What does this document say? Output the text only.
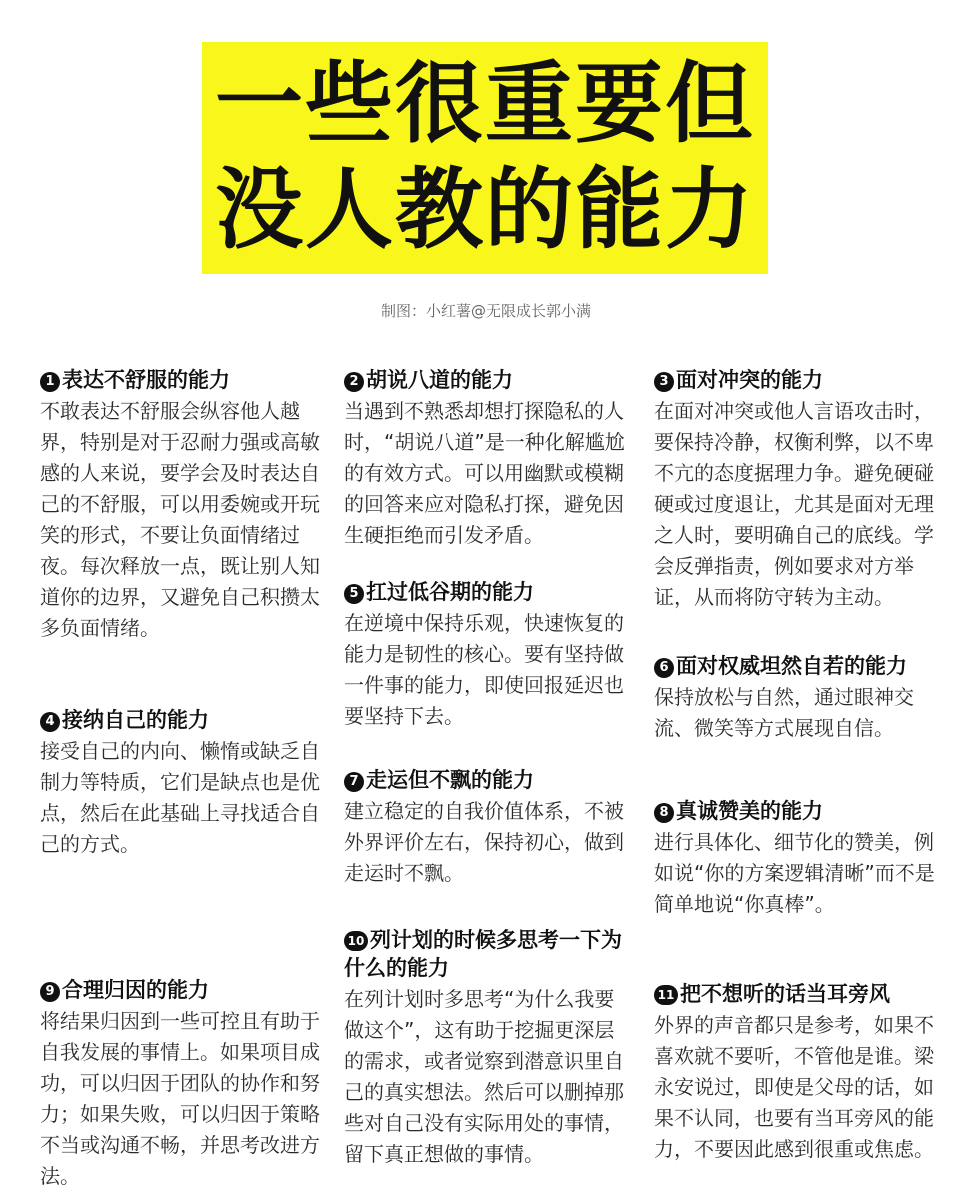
一些很重要但
没人教的能力
制图：小红薯@无限成长郭小满
1 表达不舒服的能力

不敢表达不舒服会纵容他人越界，特别是对于忍耐力强或高敏感的人来说，要学会及时表达自己的不舒服，可以用委婉或开玩笑的形式，不要让负面情绪过夜。每次释放一点，既让别人知道你的边界，又避免自己积攒太多负面情绪。

2 胡说八道的能力

当遇到不熟悉却想打探隐私的人时，“胡说八道”是一种化解尴尬的有效方式。可以用幽默或模糊的回答来应对隐私打探，避免因生硬拒绝而引发矛盾。

3 面对冲突的能力

在面对冲突或他人言语攻击时，要保持冷静，权衡利弊，以不卑不亢的态度据理力争。避免硬碰硬或过度退让，尤其是面对无理之人时，要明确自己的底线。学会反弹指责，例如要求对方举证，从而将防守转为主动。

4 接纳自己的能力

接受自己的内向、懒惰或缺乏自制力等特质，它们是缺点也是优点，然后在此基础上寻找适合自己的方式。

5 扛过低谷期的能力

在逆境中保持乐观，快速恢复的能力是韧性的核心。要有坚持做一件事的能力，即使回报延迟也要坚持下去。

6 面对权威坦然自若的能力

保持放松与自然，通过眼神交流、微笑等方式展现自信。

7 走运但不飘的能力

建立稳定的自我价值体系，不被外界评价左右，保持初心，做到走运时不飘。

8 真诚赞美的能力

进行具体化、细节化的赞美，例如说“你的方案逻辑清晰”而不是简单地说“你真棒”。

9 合理归因的能力

将结果归因到一些可控且有助于自我发展的事情上。如果项目成功，可以归因于团队的协作和努力；如果失败，可以归因于策略不当或沟通不畅，并思考改进方法。

10 列计划的时候多思考一下为什么的能力

在列计划时多思考“为什么我要做这个”，这有助于挖掘更深层的需求，或者觉察到潜意识里自己的真实想法。然后可以删掉那些对自己没有实际用处的事情，留下真正想做的事情。

11 把不想听的话当耳旁风

外界的声音都只是参考，如果不喜欢就不要听，不管他是谁。梁永安说过，即使是父母的话，如果不认同，也要有当耳旁风的能力，不要因此感到很重或焦虑。
